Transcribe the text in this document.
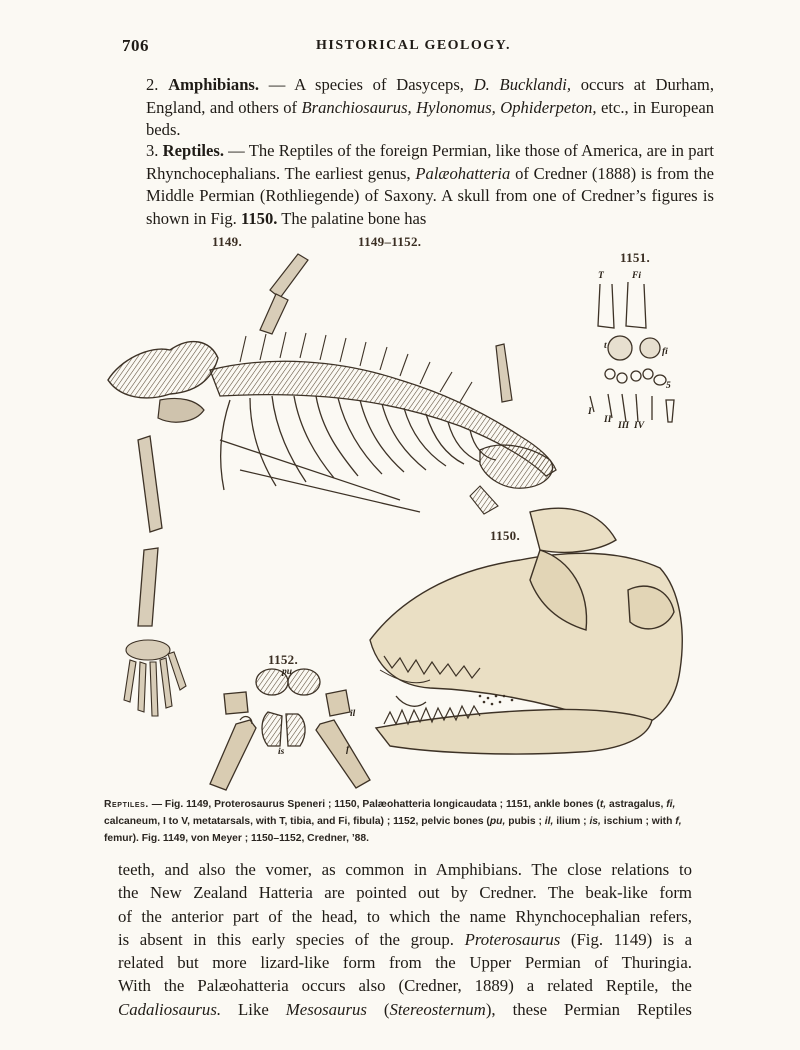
706	HISTORICAL GEOLOGY.
2. Amphibians. — A species of Dasyceps, D. Bucklandi, occurs at Durham, England, and others of Branchiosaurus, Hylonomus, Ophiderpeton, etc., in European beds.
3. Reptiles. — The Reptiles of the foreign Permian, like those of America, are in part Rhynchocephalians. The earliest genus, Palæohatteria of Credner (1888) is from the Middle Permian (Rothliegende) of Saxony. A skull from one of Credner’s figures is shown in Fig. 1150. The palatine bone has
1149.	1149–1152.
1151.
1150.
1152.
T	Fi
t
fi
5
I
II
III IV
pu
il
is	f
Reptiles. — Fig. 1149, Proterosaurus Speneri ; 1150, Palæohatteria longicaudata ; 1151, ankle bones (t, astragalus, fi, calcaneum, I to V, metatarsals, with T, tibia, and Fi, fibula) ; 1152, pelvic bones (pu, pubis ; il, ilium ; is, ischium ; with f, femur). Fig. 1149, von Meyer ; 1150–1152, Credner, ’88.
teeth, and also the vomer, as common in Amphibians. The close relations to
the New Zealand Hatteria are pointed out by Credner. The beak-like form
of the anterior part of the head, to which the name Rhynchocephalian refers,
is absent in this early species of the group. Proterosaurus (Fig. 1149) is a
related but more lizard-like form from the Upper Permian of Thuringia.
With the Palæohatteria occurs also (Credner, 1889) a related Reptile, the
Cadaliosaurus. Like Mesosaurus (Stereosternum), these Permian Reptiles
